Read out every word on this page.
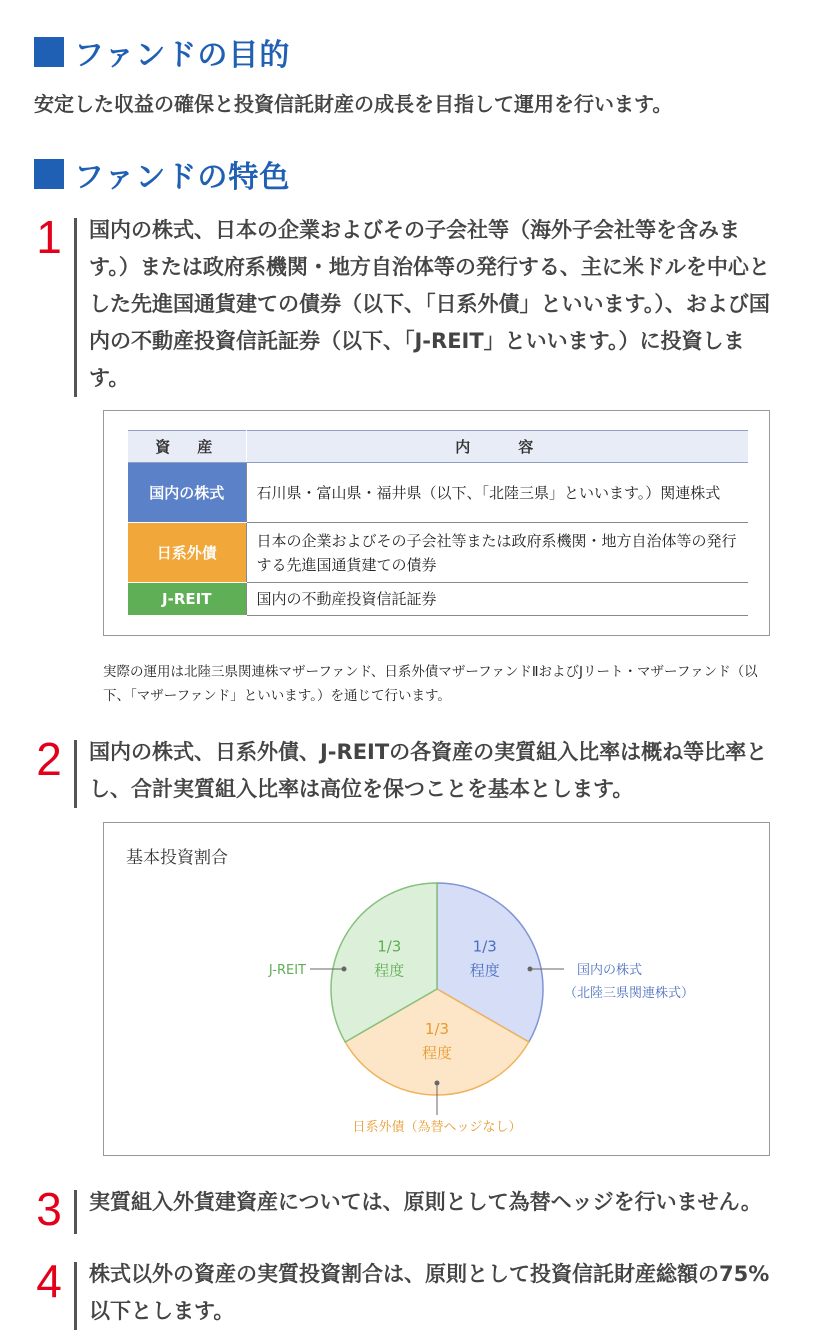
ファンドの目的
安定した収益の確保と投資信託財産の成長を目指して運用を行います。
ファンドの特色
1 国内の株式、日本の企業およびその子会社等（海外子会社等を含みます。）または政府系機関・地方自治体等の発行する、主に米ドルを中心とした先進国通貨建ての債券（以下、「日系外債」といいます。）、および国内の不動産投資信託証券（以下、「J-REIT」といいます。）に投資します。
資　産	内　　容
国内の株式	石川県・富山県・福井県（以下、「北陸三県」といいます。）関連株式
日系外債	日本の企業およびその子会社等または政府系機関・地方自治体等の発行する先進国通貨建ての債券
J-REIT	国内の不動産投資信託証券
実際の運用は北陸三県関連株マザーファンド、日系外債マザーファンドⅡおよびJリート・マザーファンド（以下、「マザーファンド」といいます。）を通じて行います。
2 国内の株式、日系外債、J-REITの各資産の実質組入比率は概ね等比率とし、合計実質組入比率は高位を保つことを基本とします。
基本投資割合
1/3
程度
1/3
程度
1/3
程度	　国内の株式
（北陸三県関連株式）
日系外債（為替ヘッジなし）
J-REIT
3 実質組入外貨建資産については、原則として為替ヘッジを行いません。
4 株式以外の資産の実質投資割合は、原則として投資信託財産総額の75%以下とします。
